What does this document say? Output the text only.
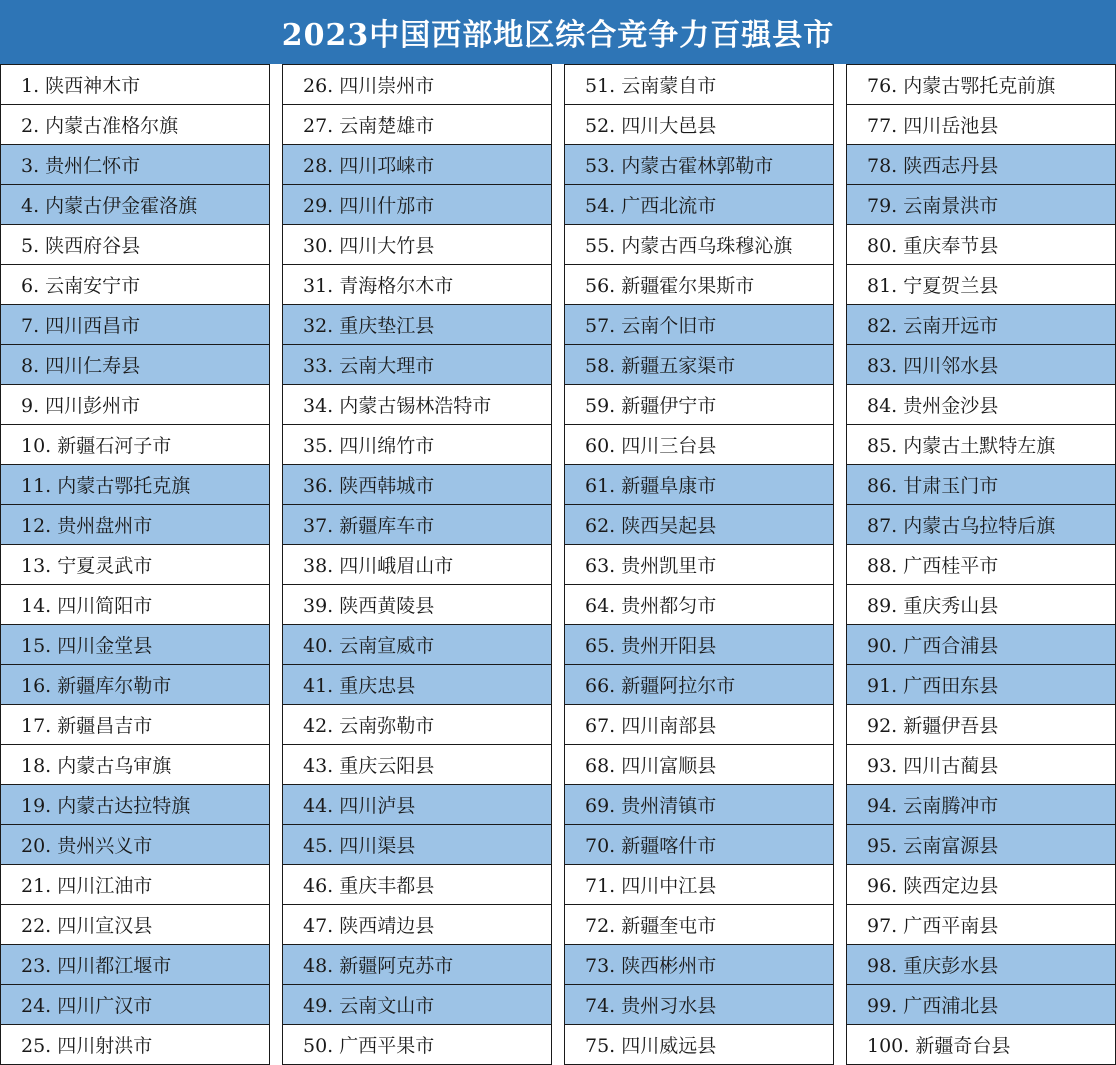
2023中国西部地区综合竞争力百强县市
1. 陕西神木市
2. 内蒙古准格尔旗
3. 贵州仁怀市
4. 内蒙古伊金霍洛旗
5. 陕西府谷县
6. 云南安宁市
7. 四川西昌市
8. 四川仁寿县
9. 四川彭州市
10. 新疆石河子市
11. 内蒙古鄂托克旗
12. 贵州盘州市
13. 宁夏灵武市
14. 四川简阳市
15. 四川金堂县
16. 新疆库尔勒市
17. 新疆昌吉市
18. 内蒙古乌审旗
19. 内蒙古达拉特旗
20. 贵州兴义市
21. 四川江油市
22. 四川宣汉县
23. 四川都江堰市
24. 四川广汉市
25. 四川射洪市
26. 四川崇州市
27. 云南楚雄市
28. 四川邛崃市
29. 四川什邡市
30. 四川大竹县
31. 青海格尔木市
32. 重庆垫江县
33. 云南大理市
34. 内蒙古锡林浩特市
35. 四川绵竹市
36. 陕西韩城市
37. 新疆库车市
38. 四川峨眉山市
39. 陕西黄陵县
40. 云南宣威市
41. 重庆忠县
42. 云南弥勒市
43. 重庆云阳县
44. 四川泸县
45. 四川渠县
46. 重庆丰都县
47. 陕西靖边县
48. 新疆阿克苏市
49. 云南文山市
50. 广西平果市
51. 云南蒙自市
52. 四川大邑县
53. 内蒙古霍林郭勒市
54. 广西北流市
55. 内蒙古西乌珠穆沁旗
56. 新疆霍尔果斯市
57. 云南个旧市
58. 新疆五家渠市
59. 新疆伊宁市
60. 四川三台县
61. 新疆阜康市
62. 陕西吴起县
63. 贵州凯里市
64. 贵州都匀市
65. 贵州开阳县
66. 新疆阿拉尔市
67. 四川南部县
68. 四川富顺县
69. 贵州清镇市
70. 新疆喀什市
71. 四川中江县
72. 新疆奎屯市
73. 陕西彬州市
74. 贵州习水县
75. 四川威远县
76. 内蒙古鄂托克前旗
77. 四川岳池县
78. 陕西志丹县
79. 云南景洪市
80. 重庆奉节县
81. 宁夏贺兰县
82. 云南开远市
83. 四川邻水县
84. 贵州金沙县
85. 内蒙古土默特左旗
86. 甘肃玉门市
87. 内蒙古乌拉特后旗
88. 广西桂平市
89. 重庆秀山县
90. 广西合浦县
91. 广西田东县
92. 新疆伊吾县
93. 四川古蔺县
94. 云南腾冲市
95. 云南富源县
96. 陕西定边县
97. 广西平南县
98. 重庆彭水县
99. 广西浦北县
100. 新疆奇台县
